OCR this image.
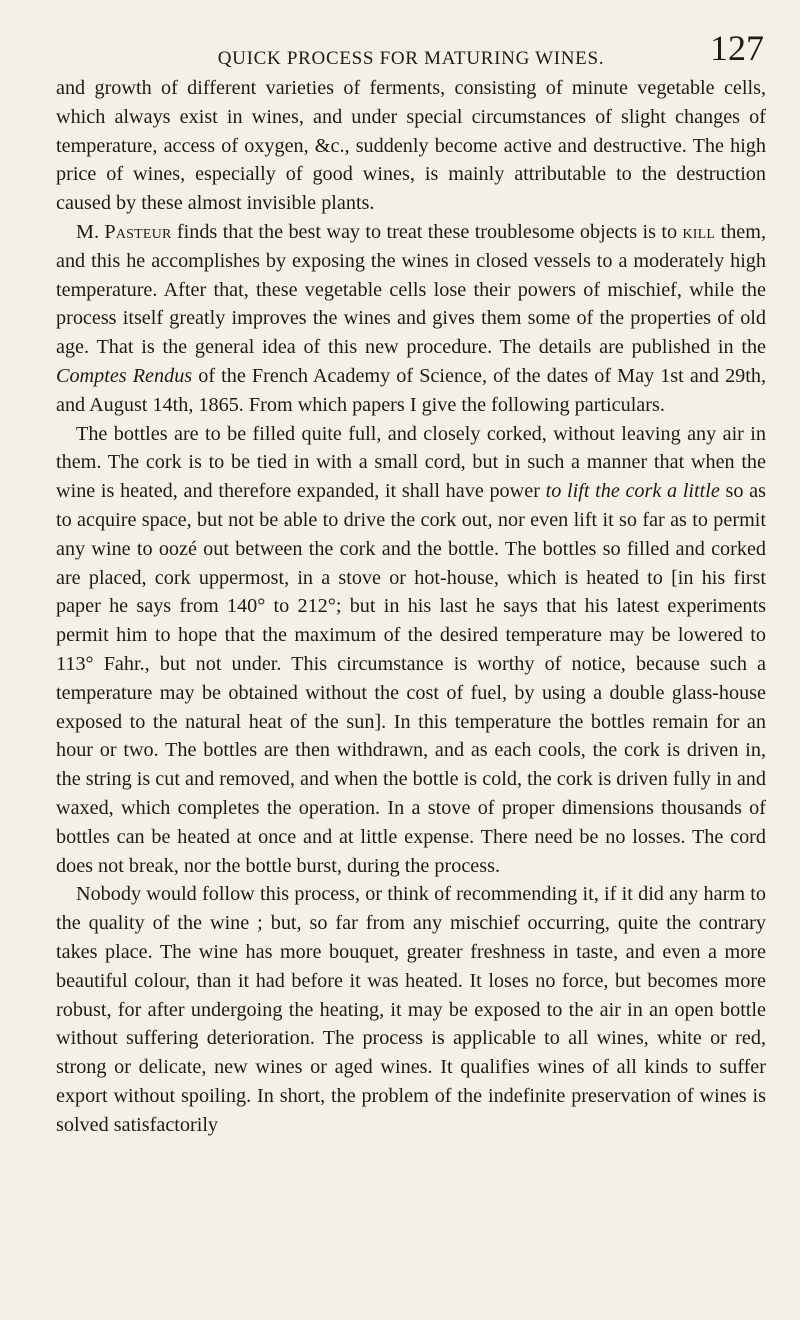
QUICK PROCESS FOR MATURING WINES.	127

and growth of different varieties of ferments, consisting of minute vegetable cells, which always exist in wines, and under special circumstances of slight changes of temperature, access of oxygen, &c., suddenly become active and destructive. The high price of wines, especially of good wines, is mainly attributable to the destruction caused by these almost invisible plants.

M. Pasteur finds that the best way to treat these troublesome objects is to kill them, and this he accomplishes by exposing the wines in closed vessels to a moderately high temperature. After that, these vegetable cells lose their powers of mischief, while the process itself greatly improves the wines and gives them some of the properties of old age. That is the general idea of this new procedure. The details are published in the Comptes Rendus of the French Academy of Science, of the dates of May 1st and 29th, and August 14th, 1865. From which papers I give the following particulars.

The bottles are to be filled quite full, and closely corked, without leaving any air in them. The cork is to be tied in with a small cord, but in such a manner that when the wine is heated, and therefore expanded, it shall have power to lift the cork a little so as to acquire space, but not be able to drive the cork out, nor even lift it so far as to permit any wine to oozé out between the cork and the bottle. The bottles so filled and corked are placed, cork uppermost, in a stove or hot-house, which is heated to [in his first paper he says from 140° to 212°; but in his last he says that his latest experiments permit him to hope that the maximum of the desired temperature may be lowered to 113° Fahr., but not under. This circumstance is worthy of notice, because such a temperature may be obtained without the cost of fuel, by using a double glass-house exposed to the natural heat of the sun]. In this temperature the bottles remain for an hour or two. The bottles are then withdrawn, and as each cools, the cork is driven in, the string is cut and removed, and when the bottle is cold, the cork is driven fully in and waxed, which completes the operation. In a stove of proper dimensions thousands of bottles can be heated at once and at little expense. There need be no losses. The cord does not break, nor the bottle burst, during the process.

Nobody would follow this process, or think of recommending it, if it did any harm to the quality of the wine ; but, so far from any mischief occurring, quite the contrary takes place. The wine has more bouquet, greater freshness in taste, and even a more beautiful colour, than it had before it was heated. It loses no force, but becomes more robust, for after undergoing the heating, it may be exposed to the air in an open bottle without suffering deterioration. The process is applicable to all wines, white or red, strong or delicate, new wines or aged wines. It qualifies wines of all kinds to suffer export without spoiling. In short, the problem of the indefinite preservation of wines is solved satisfactorily
